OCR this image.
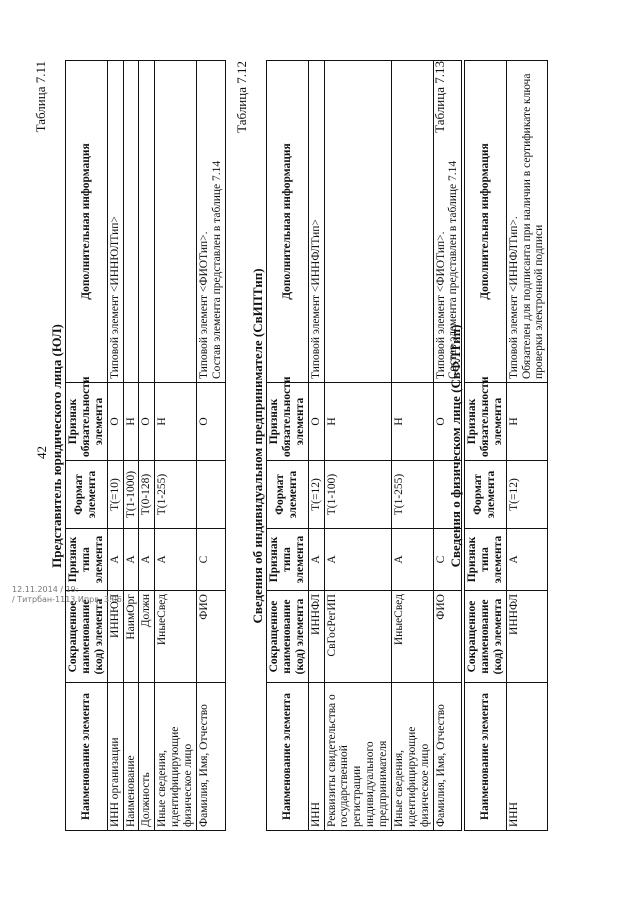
42
Таблица 7.11
Представитель юридического лица (ЮЛ)
Наименование элемента	Сокращенное наименование (код) элемента	Признак типа элемента	Формат элемента	Признак обязательности элемента	Дополнительная информация
ИНН организации	ИННЮЛ	А	T(=10)	О	Типовой элемент <ИННЮЛТип>
Наименование	НаимОрг	А	T(1-1000)	Н	
Должность	Должн	А	T(0-128)	О	
Иные сведения, идентифицирующие физическое лицо	ИныеСвед	А	T(1-255)	Н	
Фамилия, Имя, Отчество	ФИО	С		О	Типовой элемент <ФИОТип>.
Состав элемента представлен в таблице 7.14
Таблица 7.12
Сведения об индивидуальном предпринимателе (СвИПТип)
Наименование элемента	Сокращенное наименование (код) элемента	Признак типа элемента	Формат элемента	Признак обязательности элемента	Дополнительная информация
ИНН	ИННФЛ	А	T(=12)	О	Типовой элемент <ИННФЛТип>
Реквизиты свидетельства о государственной регистрации индивидуального предпринимателя	СвГосРегИП	А	T(1-100)	Н	
Иные сведения, идентифицирующие физическое лицо	ИныеСвед	А	T(1-255)	Н	
Фамилия, Имя, Отчество	ФИО	С		О	Типовой элемент <ФИОТип>.
Состав элемента представлен в таблице 7.14
Таблица 7.13
Сведения о физическом лице (СвФЛТип)
Наименование элемента	Сокращенное наименование (код) элемента	Признак типа элемента	Формат элемента	Признак обязательности элемента	Дополнительная информация
ИНН	ИННФЛ	А	T(=12)	Н	Типовой элемент <ИННФЛТип>.
Обязателен для подписанта при наличии в сертификате ключа проверки электронной подписи
12.11.2014 / 19:
/ Титрбан-1113.Ипрв. 3.06.
